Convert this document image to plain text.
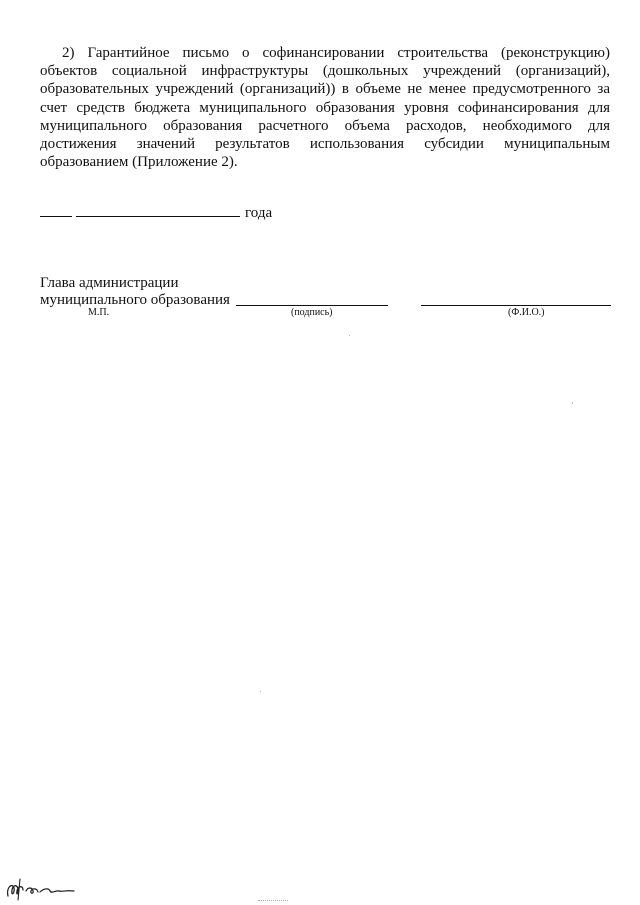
2) Гарантийное письмо о софинансировании строительства (реконструкцию) объектов социальной инфраструктуры (дошкольных учреждений (организаций), образовательных учреждений (организаций)) в объеме не менее предусмотренного за счет средств бюджета муниципального образования уровня софинансирования для муниципального образования расчетного объема расходов, необходимого для достижения значений результатов использования субсидии муниципальным образованием (Приложение 2).

года
Глава администрации
муниципального образования
М.П.	(подпись)	(Ф.И.О.)
